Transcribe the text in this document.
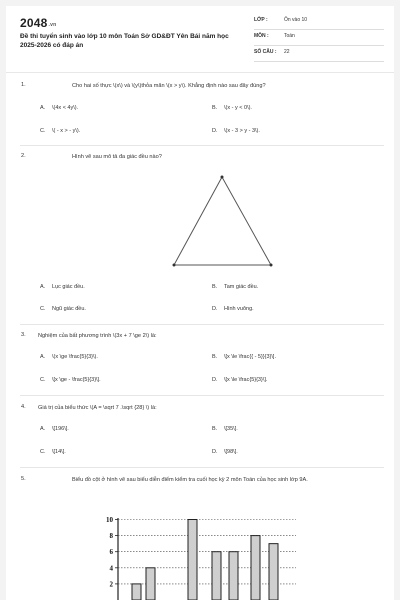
2048.vn
Đề thi tuyển sinh vào lớp 10 môn Toán Sở GD&ĐT Yên Bái năm học 2025-2026 có đáp án
LỚP :	Ôn vào 10
MÔN :	Toán
SỐ CÂU :	22
1.	Cho hai số thực \(x\) và \(y\)thỏa mãn \(x > y\). Khẳng định nào sau đây đúng?
A. \(4x < 4y\).	B. \(x - y < 0\).
C. \( - x > - y\).	D. \(x - 3 > y - 3\).
2.	Hình vẽ sau mô tả đa giác đều nào?
A. Lục giác đều.	B. Tam giác đều.
C. Ngũ giác đều.	D. Hình vuông.
3. Nghiệm của bất phương trình \(3x + 7 \ge 2\) là:
A. \(x \ge \frac{5}{3}\).	B. \[x \le \frac{{ - 5}}{3}\].
C. \[x \ge - \frac{5}{3}\].	D. \[x \le \frac{5}{3}\].
4. Giá trị của biểu thức \(A = \sqrt 7 .\sqrt {28} \) là:
A. \[196\].	B. \[35\].
C. \[14\].	D. \[98\].
5.	Biểu đồ cột ở hình vẽ sau biểu diễn điểm kiểm tra cuối học kỳ 2 môn Toán của học sinh lớp 9A.
10
8
6
4
2
